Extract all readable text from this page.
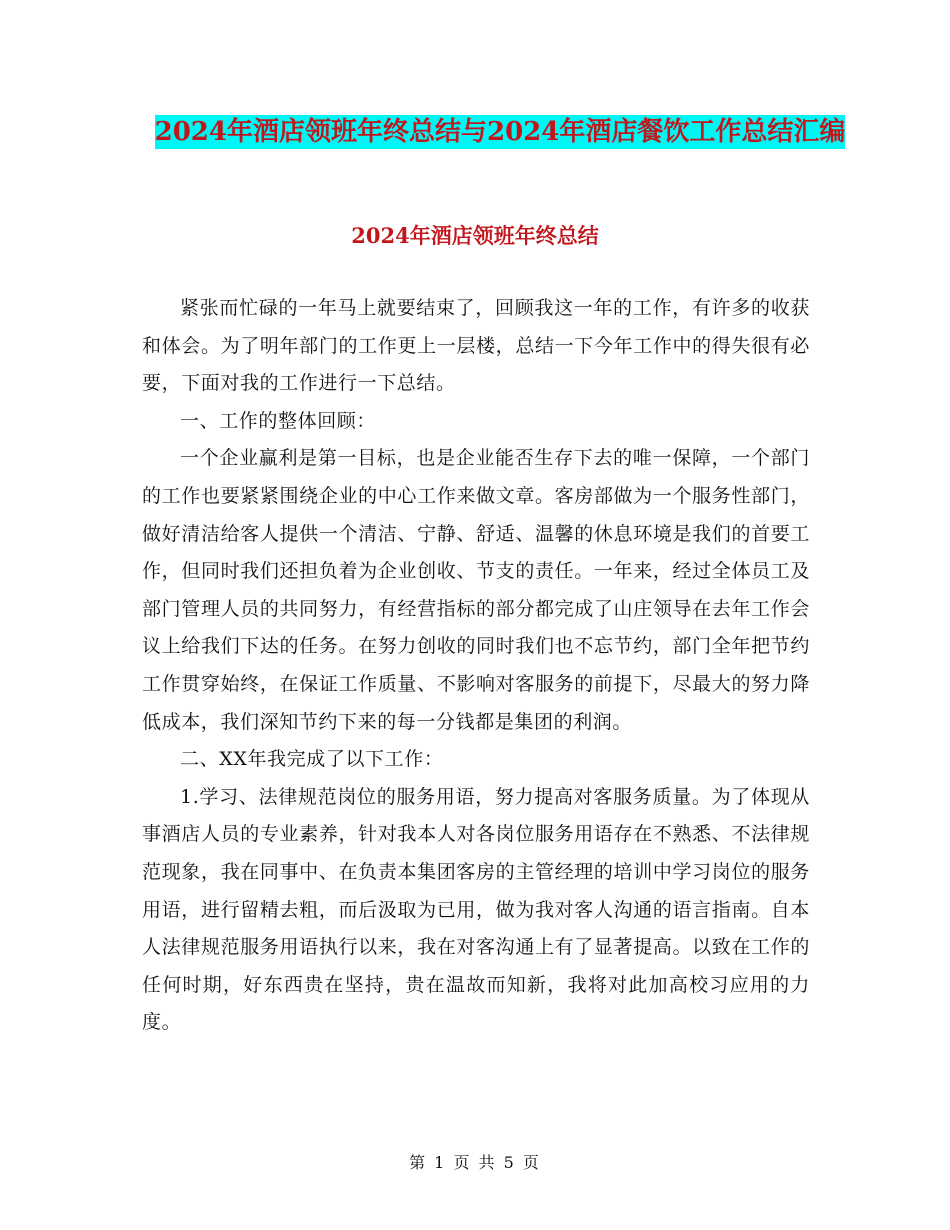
2024年酒店领班年终总结与2024年酒店餐饮工作总结汇编
2024年酒店领班年终总结

紧张而忙碌的一年马上就要结束了，回顾我这一年的工作，有许多的收获和体会。为了明年部门的工作更上一层楼，总结一下今年工作中的得失很有必要，下面对我的工作进行一下总结。

一、工作的整体回顾：

一个企业赢利是第一目标，也是企业能否生存下去的唯一保障，一个部门的工作也要紧紧围绕企业的中心工作来做文章。客房部做为一个服务性部门，做好清洁给客人提供一个清洁、宁静、舒适、温馨的休息环境是我们的首要工作，但同时我们还担负着为企业创收、节支的责任。一年来，经过全体员工及部门管理人员的共同努力，有经营指标的部分都完成了山庄领导在去年工作会议上给我们下达的任务。在努力创收的同时我们也不忘节约，部门全年把节约工作贯穿始终，在保证工作质量、不影响对客服务的前提下，尽最大的努力降低成本，我们深知节约下来的每一分钱都是集团的利润。

二、XX年我完成了以下工作：

1.学习、法律规范岗位的服务用语，努力提高对客服务质量。为了体现从事酒店人员的专业素养，针对我本人对各岗位服务用语存在不熟悉、不法律规范现象，我在同事中、在负责本集团客房的主管经理的培训中学习岗位的服务用语，进行留精去粗，而后汲取为已用，做为我对客人沟通的语言指南。自本人法律规范服务用语执行以来，我在对客沟通上有了显著提高。以致在工作的任何时期，好东西贵在坚持，贵在温故而知新，我将对此加高校习应用的力度。

第 1 页 共 5 页
